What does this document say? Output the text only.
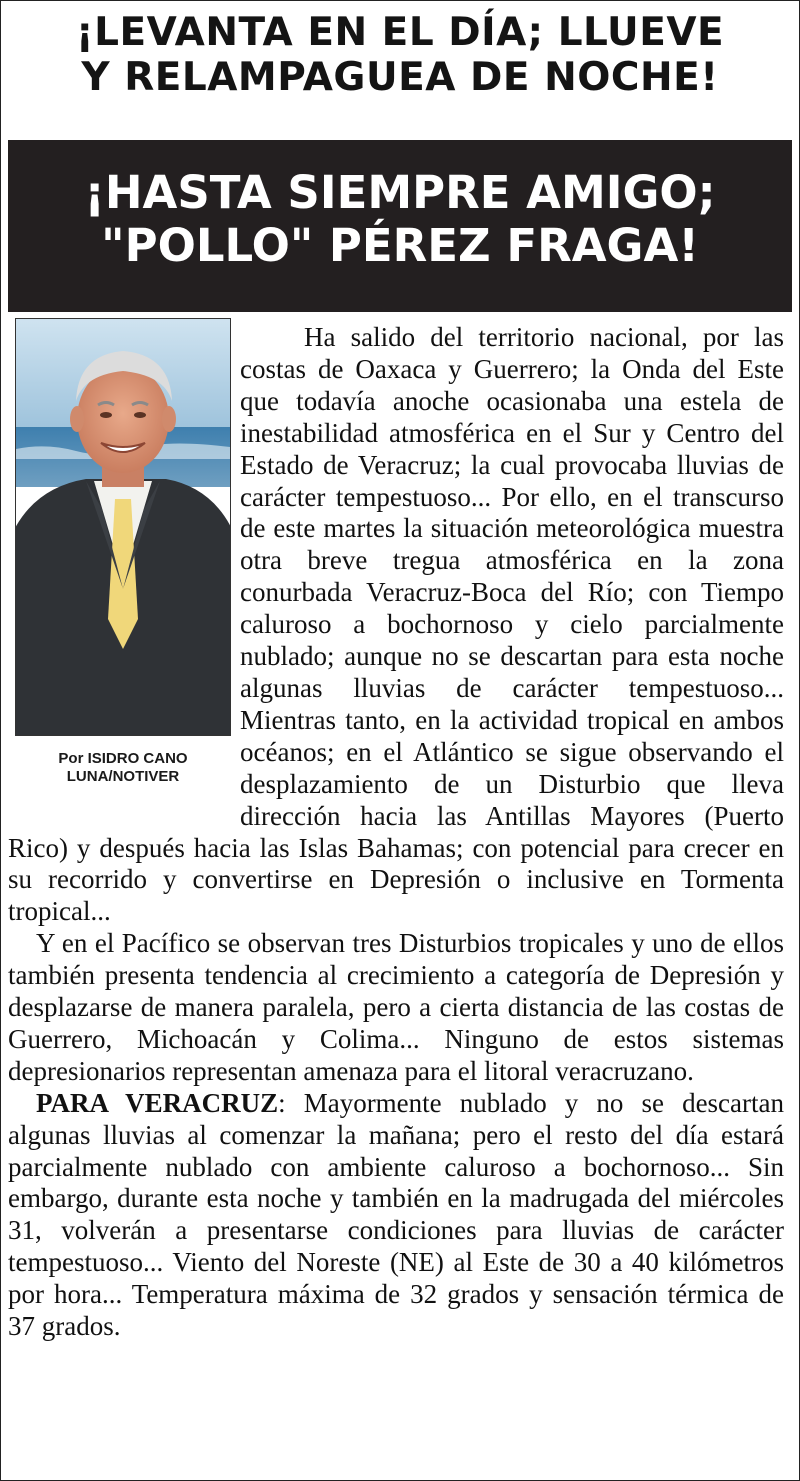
¡LEVANTA EN EL DÍA; LLUEVE
Y RELAMPAGUEA DE NOCHE!
¡HASTA SIEMPRE AMIGO;
"POLLO" PÉREZ FRAGA!
Por ISIDRO CANO
LUNA/NOTIVER

Ha salido del territorio nacional, por las costas de Oaxaca y Guerrero; la Onda del Este que todavía anoche ocasionaba una estela de inestabilidad atmosférica en el Sur y Centro del Estado de Veracruz; la cual provocaba lluvias de carácter tempestuoso... Por ello, en el transcurso de este martes la situación meteorológica muestra otra breve tregua atmosférica en la zona conurbada Veracruz-Boca del Río; con Tiempo caluroso a bochornoso y cielo parcialmente nublado; aunque no se descartan para esta noche algunas lluvias de carácter tempestuoso... Mientras tanto, en la actividad tropical en ambos océanos; en el Atlántico se sigue observando el desplazamiento de un Disturbio que lleva dirección hacia las Antillas Mayores (Puerto Rico) y después hacia las Islas Bahamas; con potencial para crecer en su recorrido y convertirse en Depresión o inclusive en Tormenta tropical...

Y en el Pacífico se observan tres Disturbios tropicales y uno de ellos también presenta tendencia al crecimiento a categoría de Depresión y desplazarse de manera paralela, pero a cierta distancia de las costas de Guerrero, Michoacán y Colima... Ninguno de estos sistemas depresionarios representan amenaza para el litoral veracruzano.

PARA VERACRUZ: Mayormente nublado y no se descartan algunas lluvias al comenzar la mañana; pero el resto del día estará parcialmente nublado con ambiente caluroso a bochornoso... Sin embargo, durante esta noche y también en la madrugada del miércoles 31, volverán a presentarse condiciones para lluvias de carácter tempestuoso... Viento del Noreste (NE) al Este de 30 a 40 kilómetros por hora... Temperatura máxima de 32 grados y sensación térmica de 37 grados.
